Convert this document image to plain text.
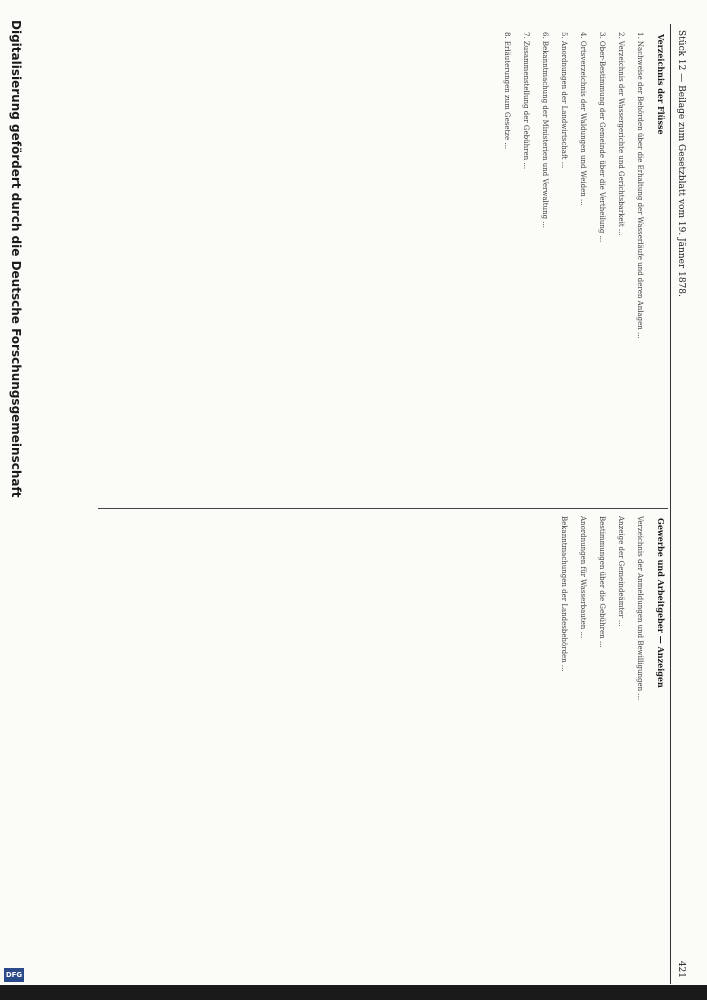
Digitalisierung gefördert durch die Deutsche Forschungsgemeinschaft	Stück 12 — Beilage zum Gesetzblatt vom 19. Jänner 1878.
421
Verzeichnis der Flüsse
Gewerbe und Arbeitgeber — Anzeigen
1. Nachweise der Behörden über die Erhaltung der Wasserläufe und deren Anlagen ...
2. Verzeichnis der Wassergerichte und Gerichtsbarkeit ...
3. Ober-Bestimmung der Gemeinde über die Vertheilung ...
4. Ortsverzeichnis der Waldungen und Weiden ...
5. Anordnungen der Landwirtschaft ...
6. Bekanntmachung der Ministerien und Verwaltung ...
7. Zusammenstellung der Gebühren ...
8. Erläuterungen zum Gesetze ...
Verzeichnis der Anmeldungen und Bewilligungen ...
Anzeige der Gemeindeämter ...
Bestimmungen über die Gebühren ...
Anordnungen für Wasserbauten ...
Bekanntmachungen der Landesbehörden ...
DFG
